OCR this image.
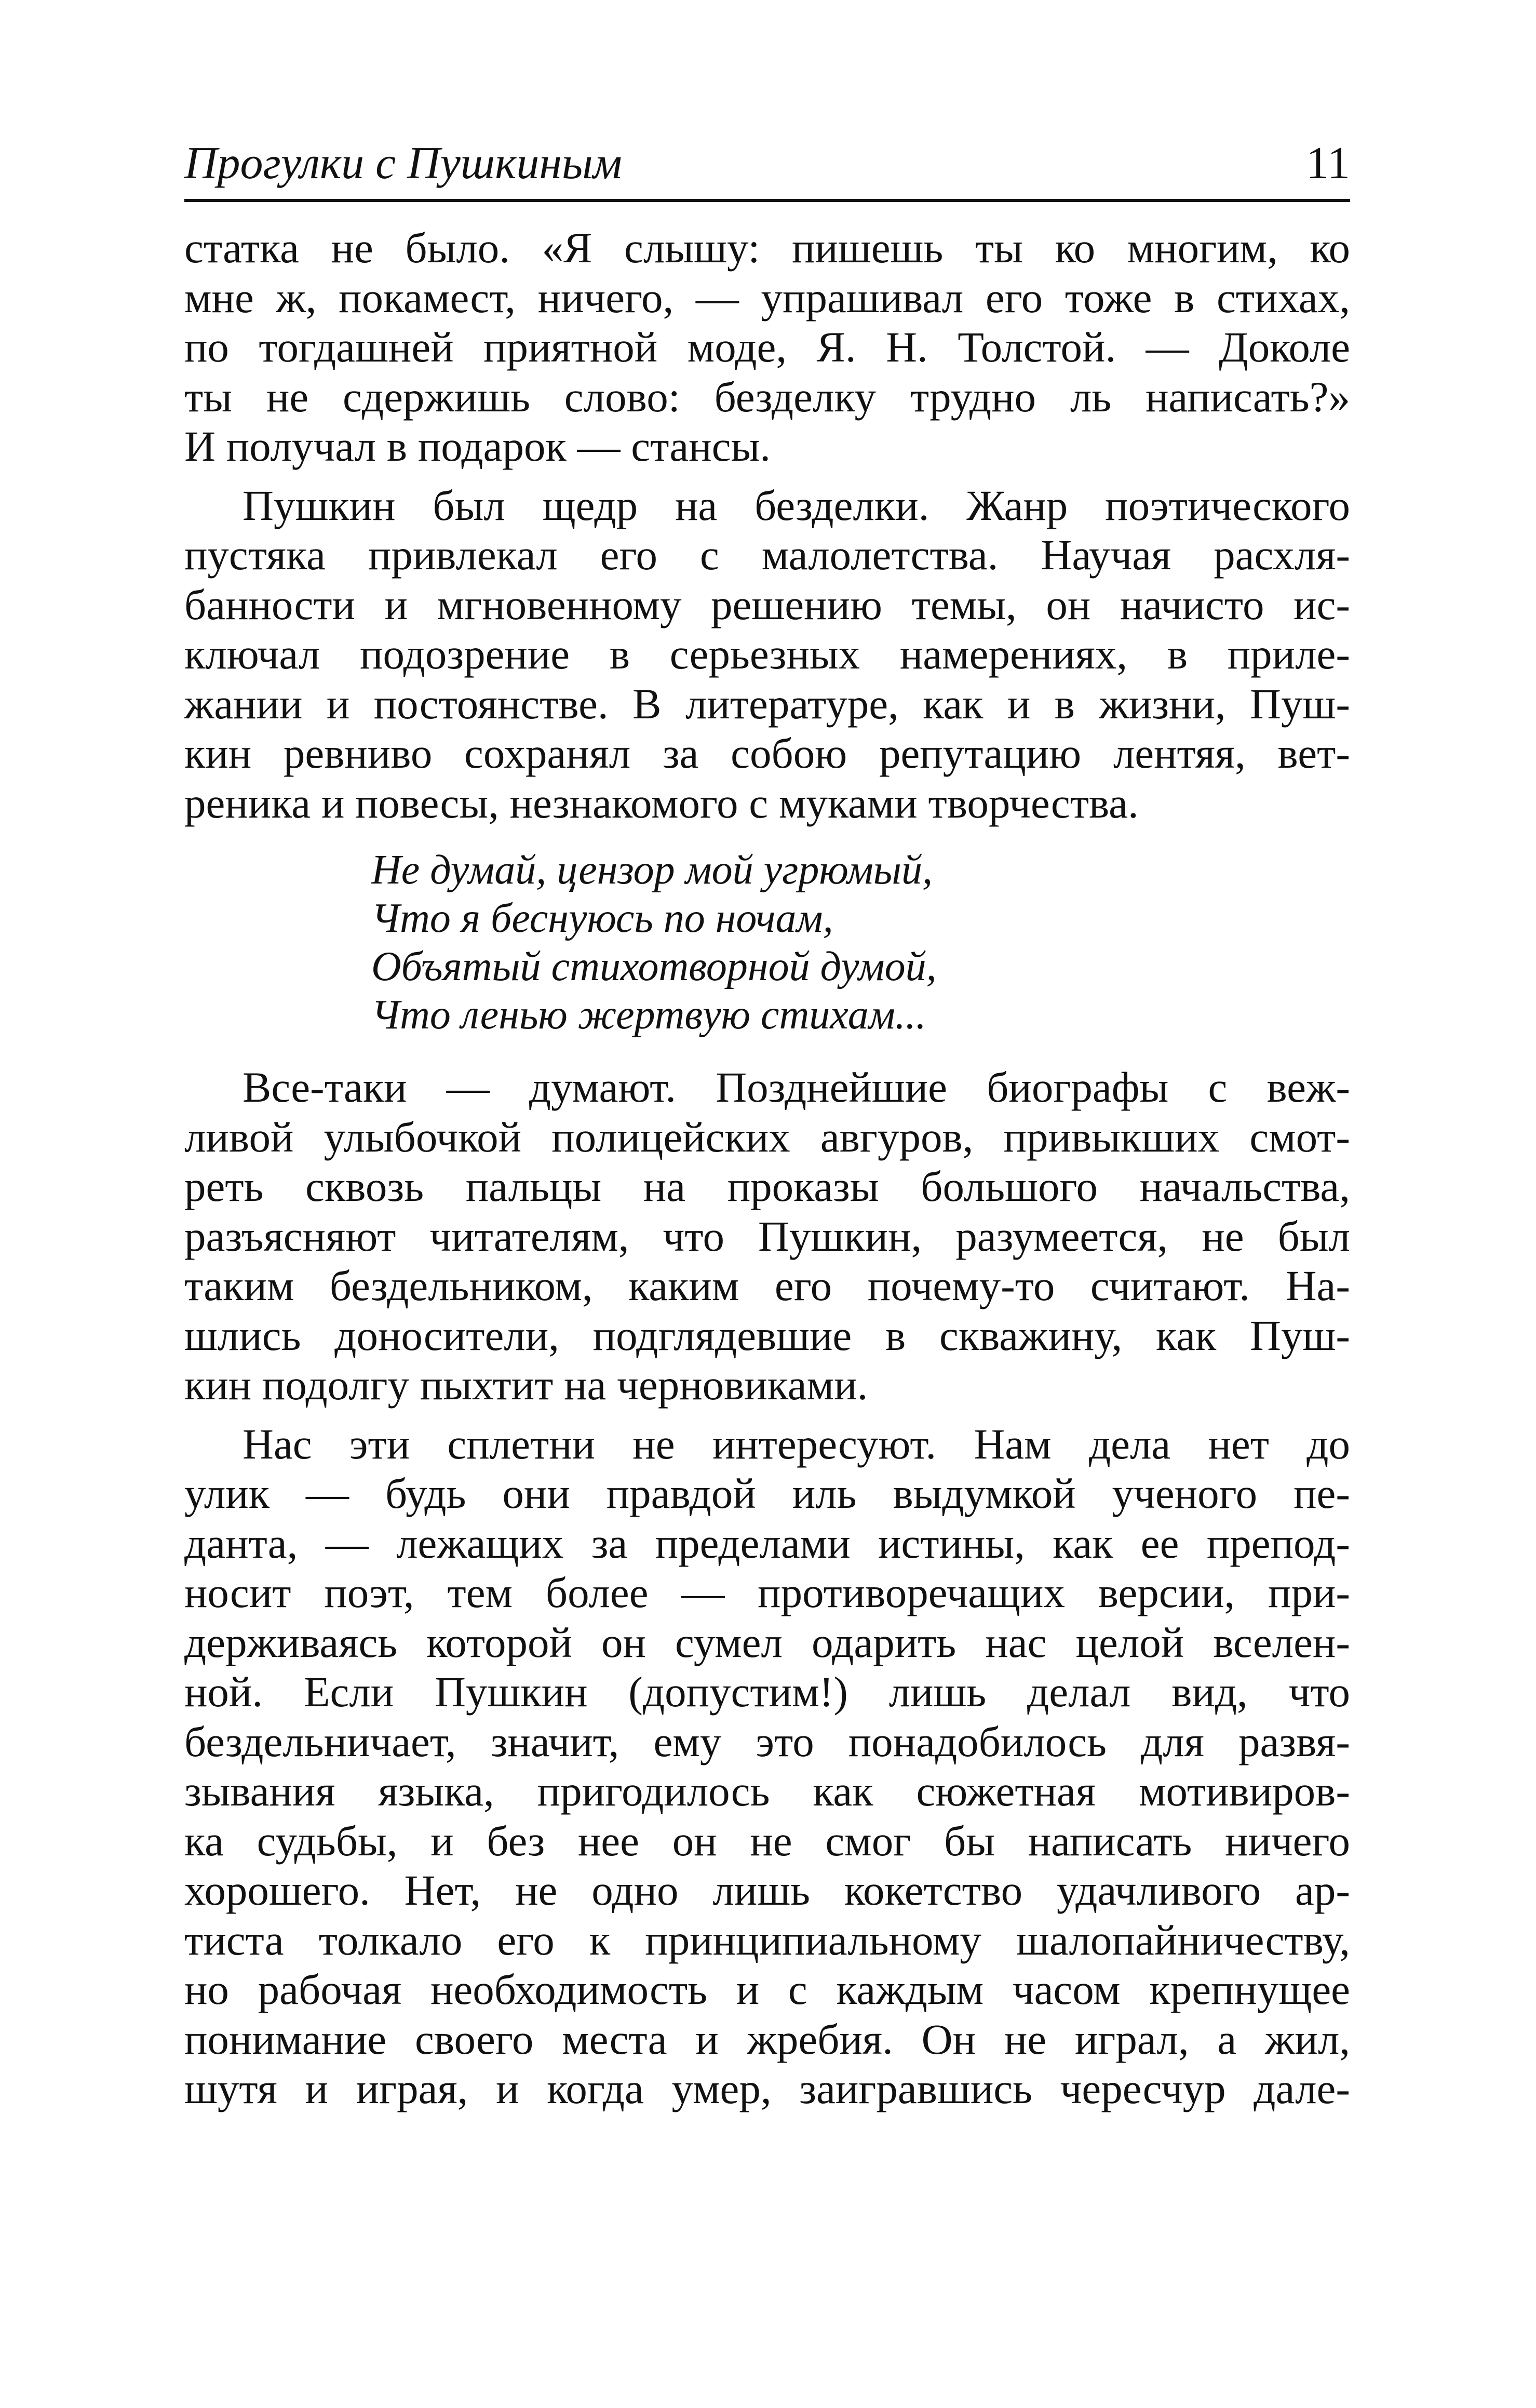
Прогулки с Пушкиным	11

статка не было. «Я слышу: пишешь ты ко многим, ко
мне ж, покамест, ничего, — упрашивал его тоже в стихах,
по тогдашней приятной моде, Я. Н. Толстой. — Доколе
ты не сдержишь слово: безделку трудно ль написать?»
И получал в подарок — стансы.

Пушкин был щедр на безделки. Жанр поэтического
пустяка привлекал его с малолетства. Научая расхля-
банности и мгновенному решению темы, он начисто ис-
ключал подозрение в серьезных намерениях, в приле-
жании и постоянстве. В литературе, как и в жизни, Пуш-
кин ревниво сохранял за собою репутацию лентяя, вет-
реника и повесы, незнакомого с муками творчества.

Не думай, цензор мой угрюмый,
Что я беснуюсь по ночам,
Объятый стихотворной думой,
Что ленью жертвую стихам...

Все-таки — думают. Позднейшие биографы с веж-
ливой улыбочкой полицейских авгуров, привыкших смот-
реть сквозь пальцы на проказы большого начальства,
разъясняют читателям, что Пушкин, разумеется, не был
таким бездельником, каким его почему-то считают. На-
шлись доносители, подглядевшие в скважину, как Пуш-
кин подолгу пыхтит на черновиками.

Нас эти сплетни не интересуют. Нам дела нет до
улик — будь они правдой иль выдумкой ученого пе-
данта, — лежащих за пределами истины, как ее препод-
носит поэт, тем более — противоречащих версии, при-
держиваясь которой он сумел одарить нас целой вселен-
ной. Если Пушкин (допустим!) лишь делал вид, что
бездельничает, значит, ему это понадобилось для развя-
зывания языка, пригодилось как сюжетная мотивиров-
ка судьбы, и без нее он не смог бы написать ничего
хорошего. Нет, не одно лишь кокетство удачливого ар-
тиста толкало его к принципиальному шалопайничеству,
но рабочая необходимость и с каждым часом крепнущее
понимание своего места и жребия. Он не играл, а жил,
шутя и играя, и когда умер, заигравшись чересчур дале-
